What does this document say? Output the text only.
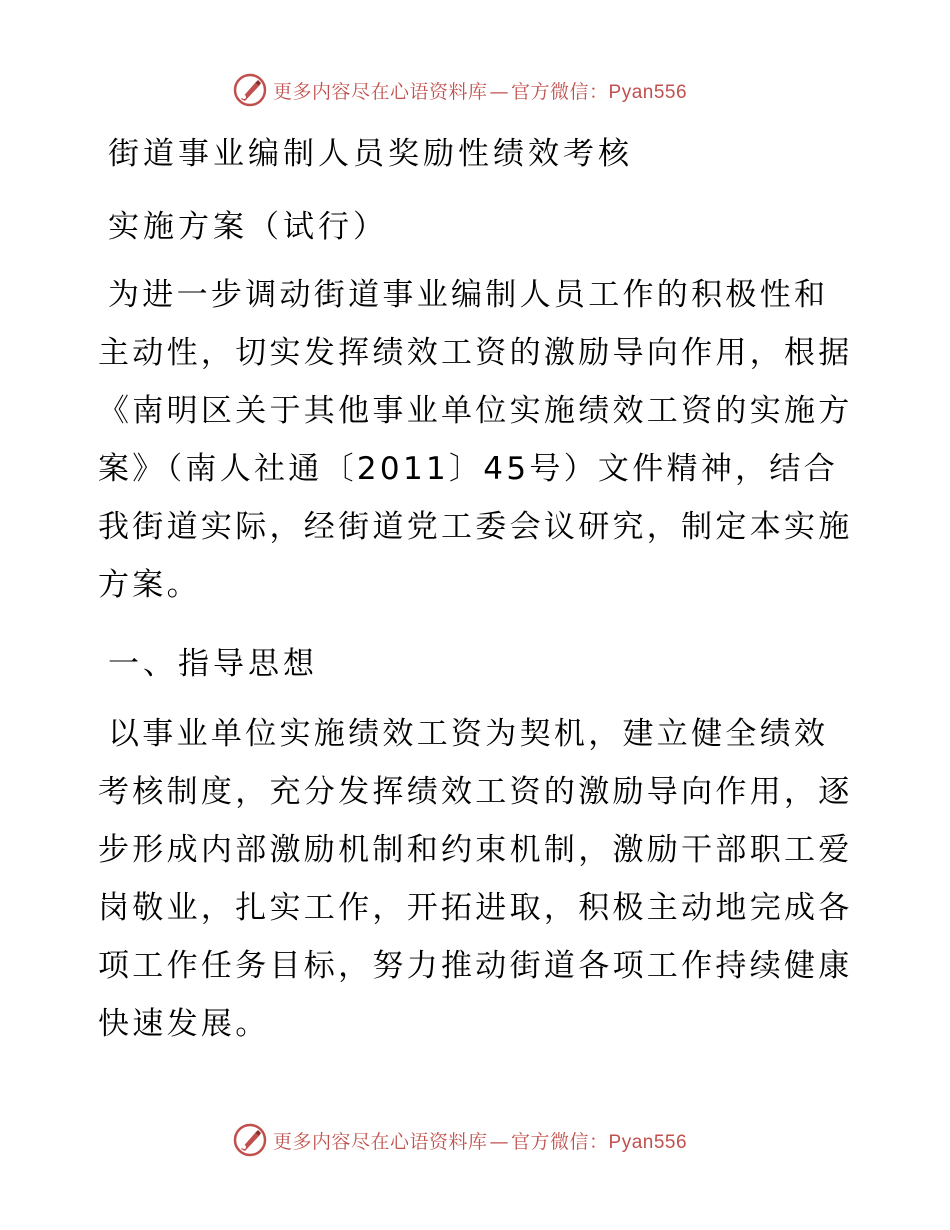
更多内容尽在心语资料库 — 官方微信：Pyan556
街道事业编制人员奖励性绩效考核
实施方案（试行）

为进一步调动街道事业编制人员工作的积极性和主动性，切实发挥绩效工资的激励导向作用，根据《南明区关于其他事业单位实施绩效工资的实施方案》（南人社通〔2011〕45号）文件精神，结合我街道实际，经街道党工委会议研究，制定本实施方案。

一、指导思想

以事业单位实施绩效工资为契机，建立健全绩效考核制度，充分发挥绩效工资的激励导向作用，逐步形成内部激励机制和约束机制，激励干部职工爱岗敬业，扎实工作，开拓进取，积极主动地完成各项工作任务目标，努力推动街道各项工作持续健康快速发展。

更多内容尽在心语资料库 — 官方微信：Pyan556
